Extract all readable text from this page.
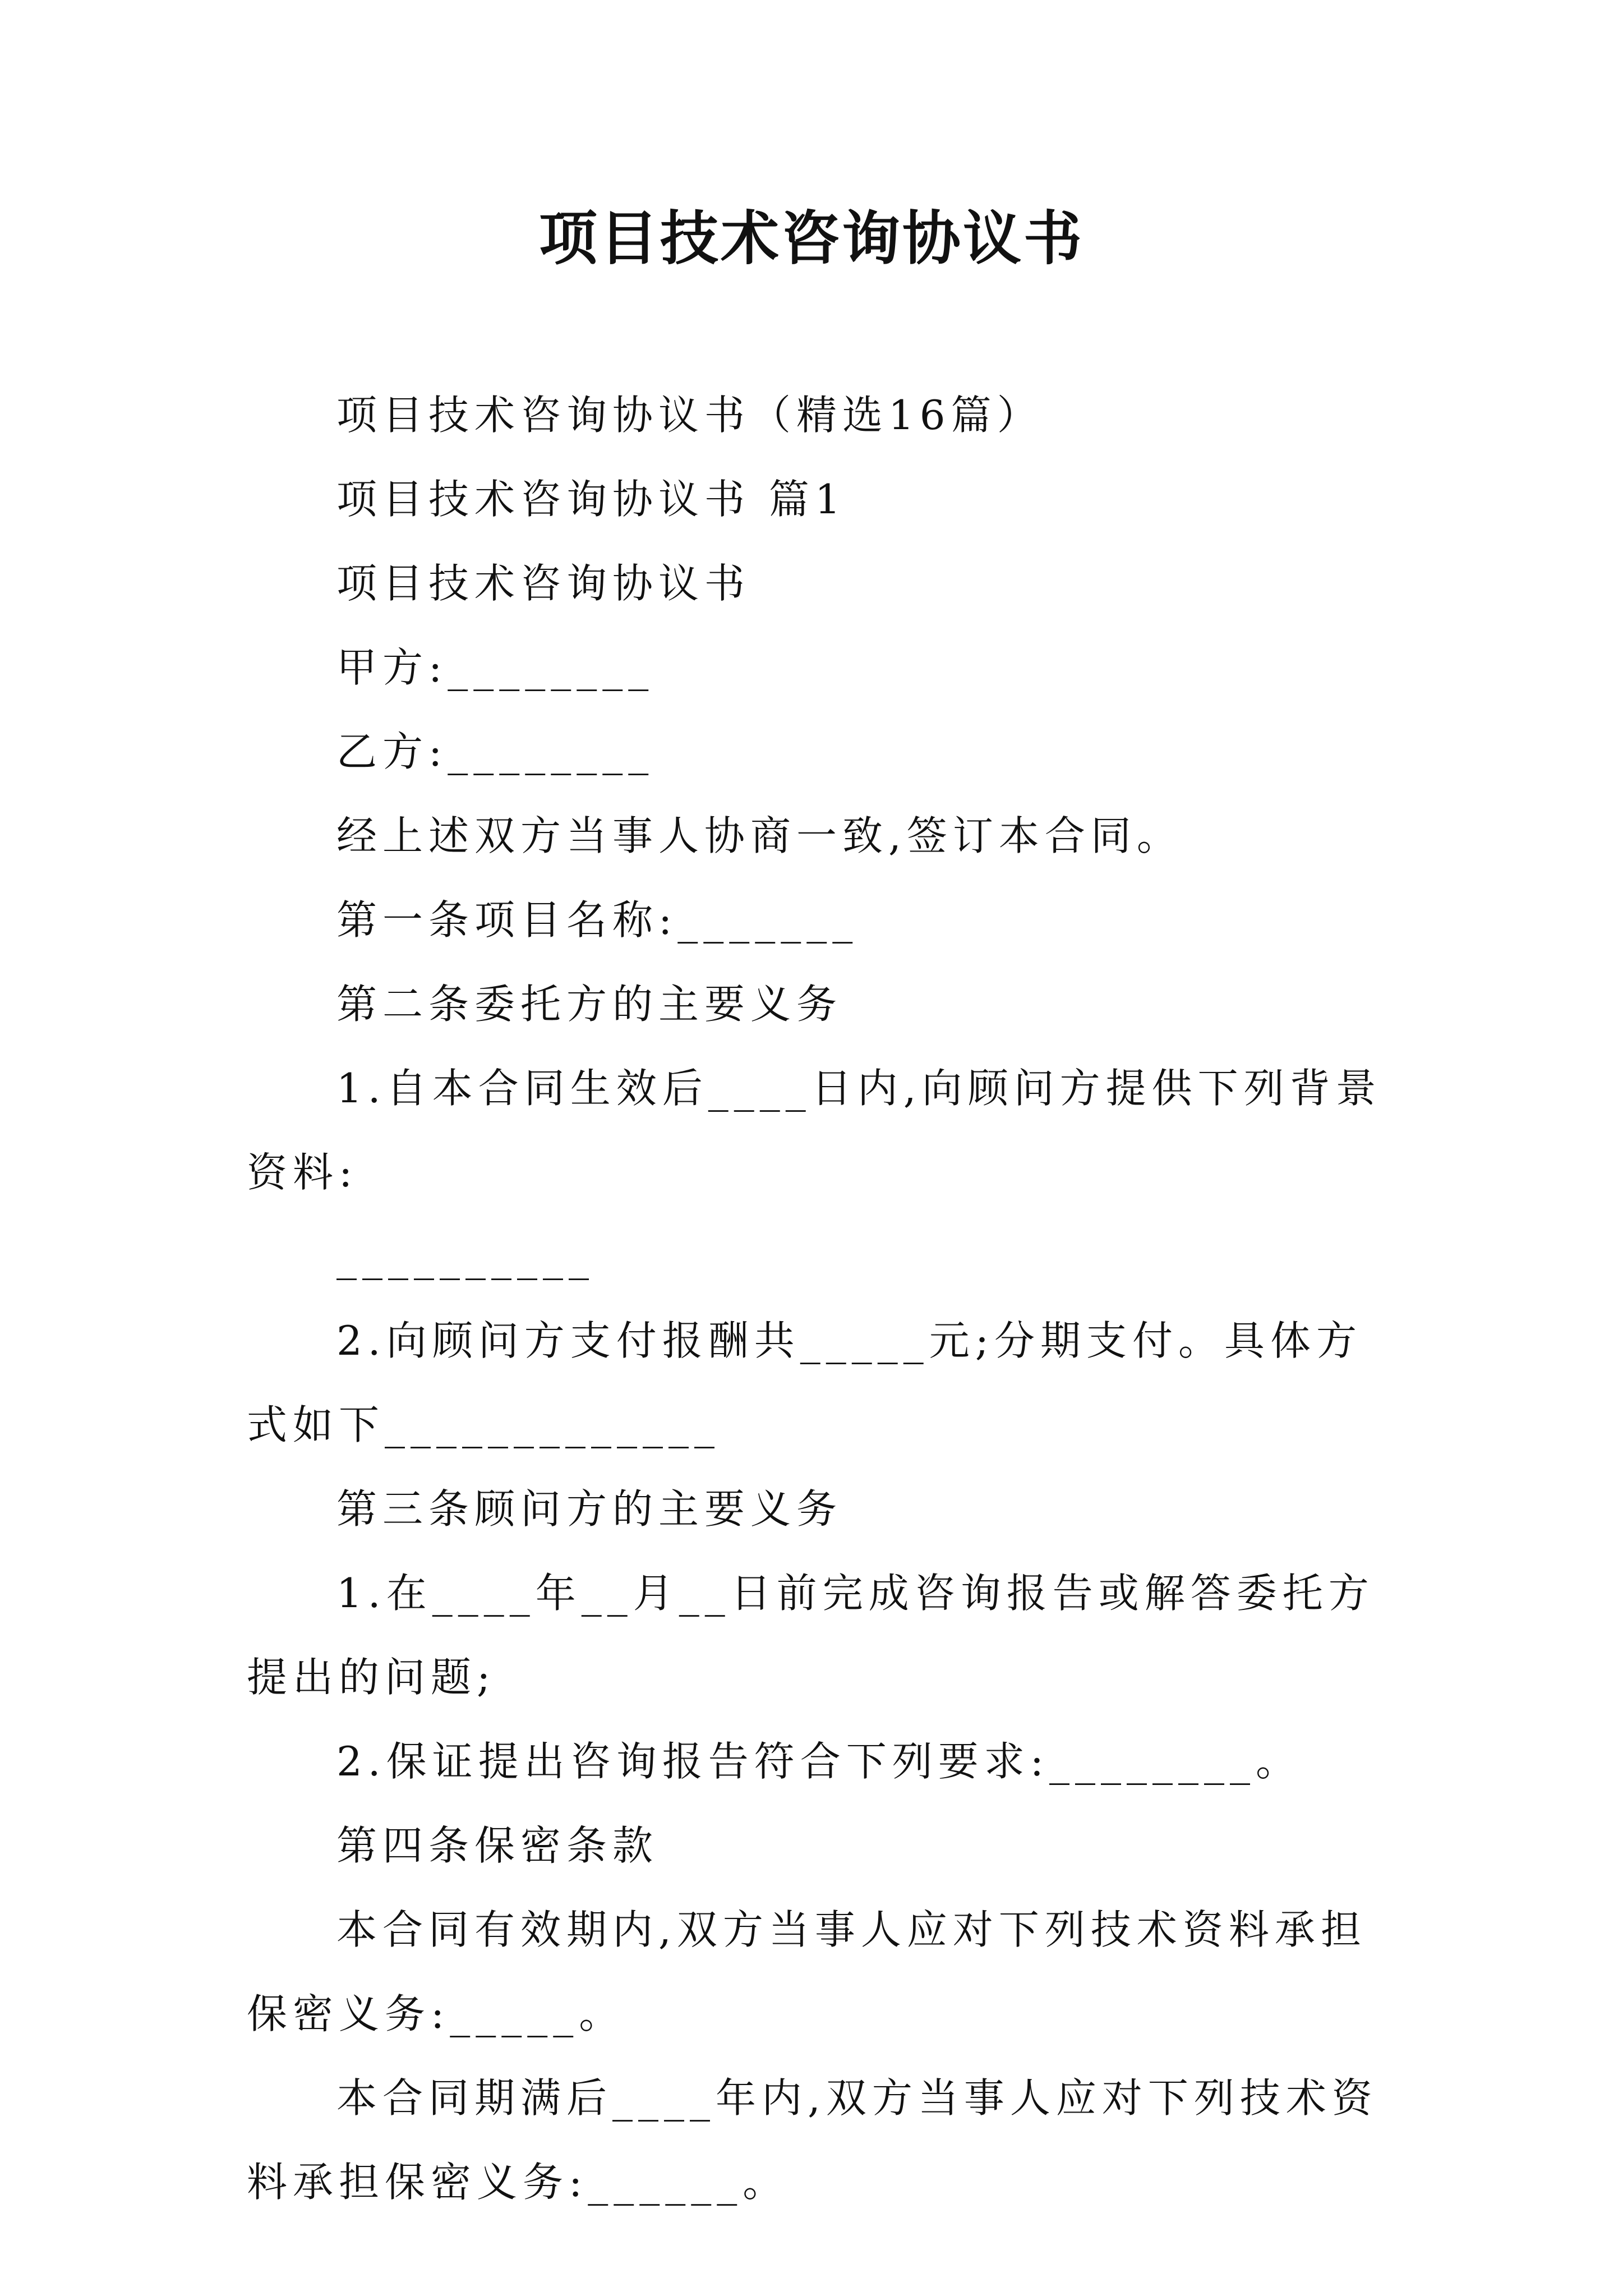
项目技术咨询协议书

项目技术咨询协议书（精选16篇）

项目技术咨询协议书 篇1

项目技术咨询协议书

甲方:________

乙方:________

经上述双方当事人协商一致,签订本合同。

第一条项目名称:_______

第二条委托方的主要义务

1.自本合同生效后____日内,向顾问方提供下列背景资料:

__________

2.向顾问方支付报酬共_____元;分期支付。具体方式如下_____________

第三条顾问方的主要义务

1.在____年__月__日前完成咨询报告或解答委托方提出的问题;

2.保证提出咨询报告符合下列要求:________。

第四条保密条款

本合同有效期内,双方当事人应对下列技术资料承担保密义务:_____。

本合同期满后____年内,双方当事人应对下列技术资料承担保密义务:______。
